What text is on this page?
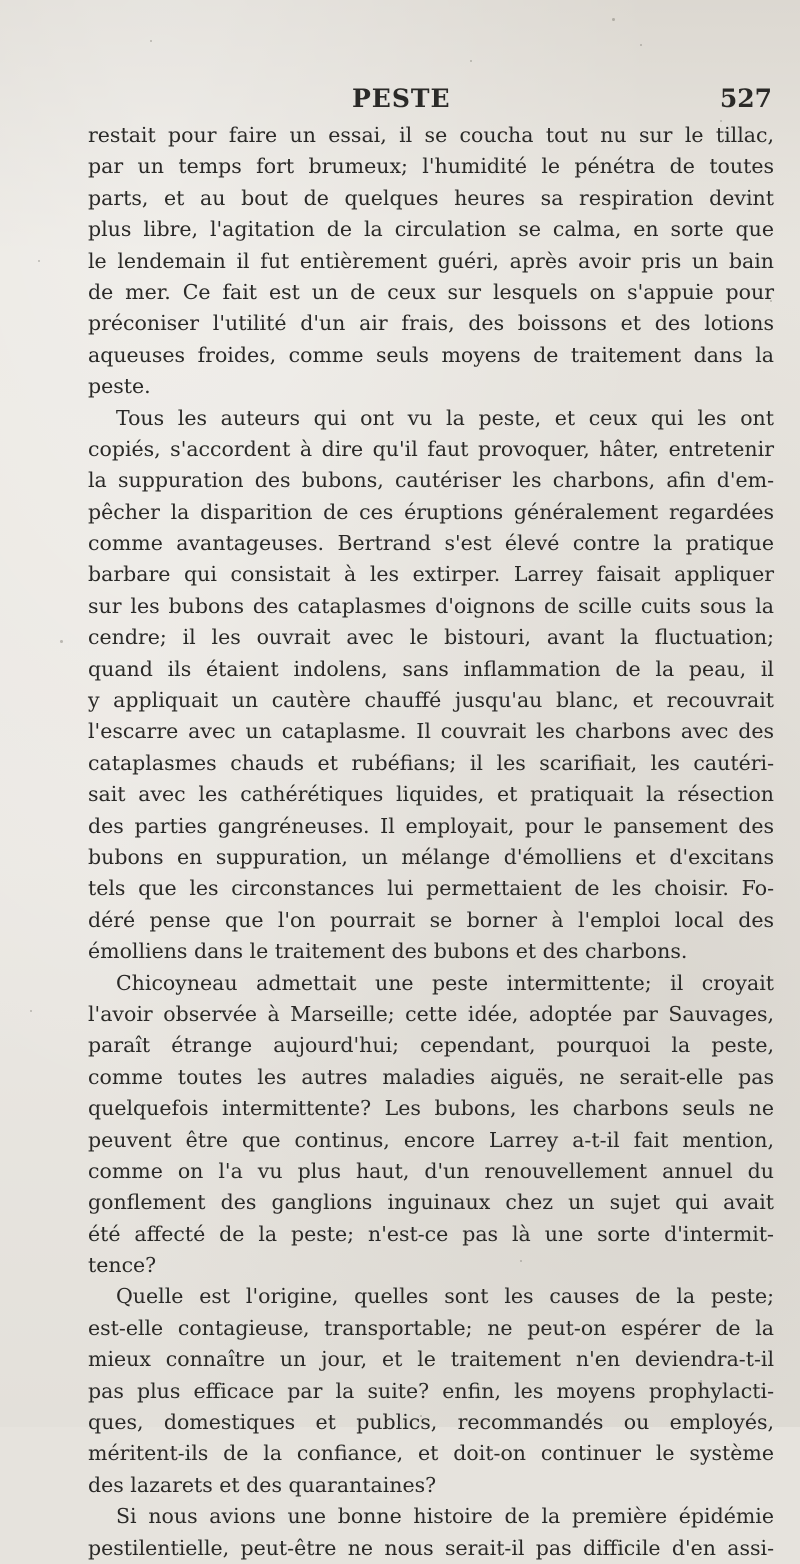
PESTE	527
restait pour faire un essai, il se coucha tout nu sur le tillac,
par un temps fort brumeux; l'humidité le pénétra de toutes
parts, et au bout de quelques heures sa respiration devint
plus libre, l'agitation de la circulation se calma, en sorte que
le lendemain il fut entièrement guéri, après avoir pris un bain
de mer. Ce fait est un de ceux sur lesquels on s'appuie pour
préconiser l'utilité d'un air frais, des boissons et des lotions
aqueuses froides, comme seuls moyens de traitement dans la
peste.
Tous les auteurs qui ont vu la peste, et ceux qui les ont
copiés, s'accordent à dire qu'il faut provoquer, hâter, entretenir
la suppuration des bubons, cautériser les charbons, afin d'em-
pêcher la disparition de ces éruptions généralement regardées
comme avantageuses. Bertrand s'est élevé contre la pratique
barbare qui consistait à les extirper. Larrey faisait appliquer
sur les bubons des cataplasmes d'oignons de scille cuits sous la
cendre; il les ouvrait avec le bistouri, avant la fluctuation;
quand ils étaient indolens, sans inflammation de la peau, il
y appliquait un cautère chauffé jusqu'au blanc, et recouvrait
l'escarre avec un cataplasme. Il couvrait les charbons avec des
cataplasmes chauds et rubéfians; il les scarifiait, les cautéri-
sait avec les cathérétiques liquides, et pratiquait la résection
des parties gangréneuses. Il employait, pour le pansement des
bubons en suppuration, un mélange d'émolliens et d'excitans
tels que les circonstances lui permettaient de les choisir. Fo-
déré pense que l'on pourrait se borner à l'emploi local des
émolliens dans le traitement des bubons et des charbons.
Chicoyneau admettait une peste intermittente; il croyait
l'avoir observée à Marseille; cette idée, adoptée par Sauvages,
paraît étrange aujourd'hui; cependant, pourquoi la peste,
comme toutes les autres maladies aiguës, ne serait-elle pas
quelquefois intermittente? Les bubons, les charbons seuls ne
peuvent être que continus, encore Larrey a-t-il fait mention,
comme on l'a vu plus haut, d'un renouvellement annuel du
gonflement des ganglions inguinaux chez un sujet qui avait
été affecté de la peste; n'est-ce pas là une sorte d'intermit-
tence?
Quelle est l'origine, quelles sont les causes de la peste;
est-elle contagieuse, transportable; ne peut-on espérer de la
mieux connaître un jour, et le traitement n'en deviendra-t-il
pas plus efficace par la suite? enfin, les moyens prophylacti-
ques, domestiques et publics, recommandés ou employés,
méritent-ils de la confiance, et doit-on continuer le système
des lazarets et des quarantaines?
Si nous avions une bonne histoire de la première épidémie
pestilentielle, peut-être ne nous serait-il pas difficile d'en assi-
